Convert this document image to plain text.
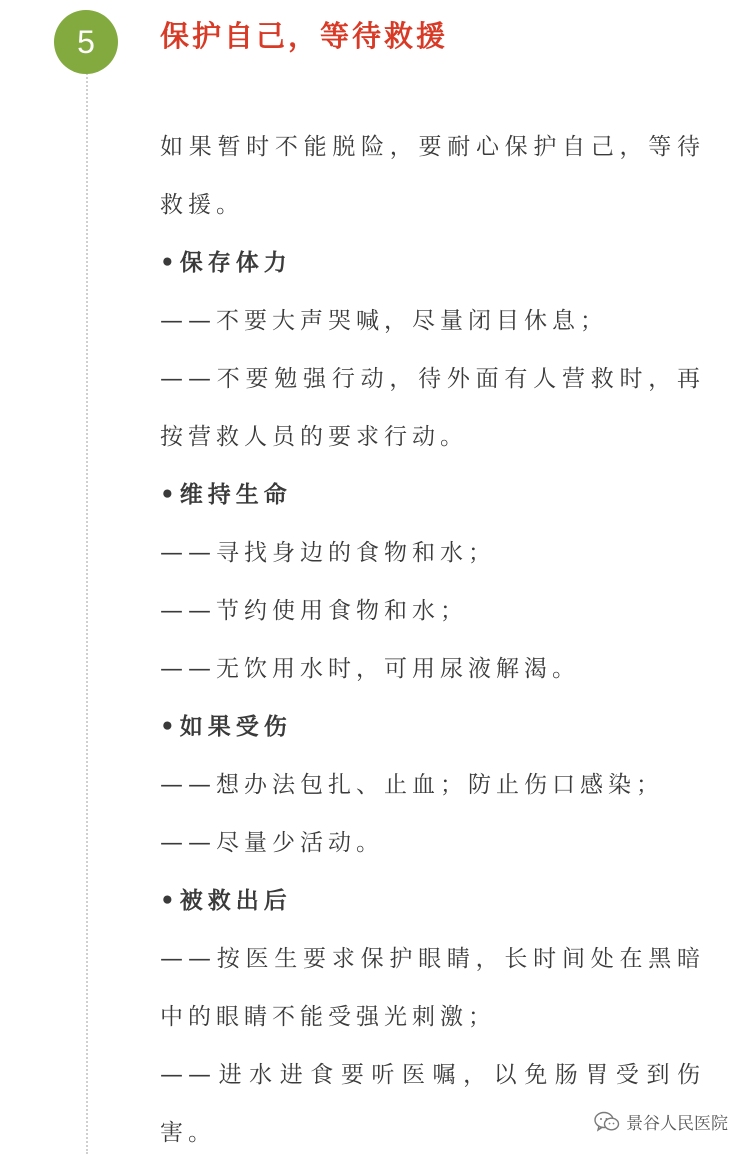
5	保护自己，等待救援

如果暂时不能脱险，要耐心保护自己，等待

救援。

•保存体力

——不要大声哭喊，尽量闭目休息；

——不要勉强行动，待外面有人营救时，再

按营救人员的要求行动。

•维持生命

——寻找身边的食物和水；

——节约使用食物和水；

——无饮用水时，可用尿液解渴。

•如果受伤

——想办法包扎、止血；防止伤口感染；

——尽量少活动。

•被救出后

——按医生要求保护眼睛，长时间处在黑暗

中的眼睛不能受强光刺激；

——进水进食要听医嘱，以免肠胃受到伤

害。	景谷人民医院
